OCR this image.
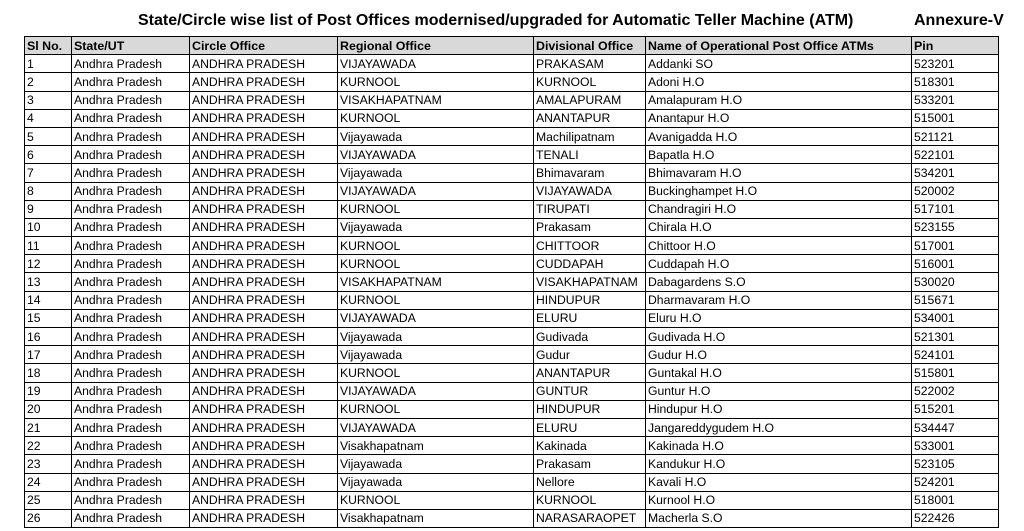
State/Circle wise list of Post Offices modernised/upgraded for Automatic Teller Machine (ATM)	Annexure-V
Sl No.	State/UT	Circle Office	Regional Office	Divisional Office	Name of Operational Post Office ATMs	Pin
1	Andhra Pradesh	ANDHRA PRADESH	VIJAYAWADA	PRAKASAM	Addanki SO	523201
2	Andhra Pradesh	ANDHRA PRADESH	KURNOOL	KURNOOL	Adoni H.O	518301
3	Andhra Pradesh	ANDHRA PRADESH	VISAKHAPATNAM	AMALAPURAM	Amalapuram H.O	533201
4	Andhra Pradesh	ANDHRA PRADESH	KURNOOL	ANANTAPUR	Anantapur H.O	515001
5	Andhra Pradesh	ANDHRA PRADESH	Vijayawada	Machilipatnam	Avanigadda H.O	521121
6	Andhra Pradesh	ANDHRA PRADESH	VIJAYAWADA	TENALI	Bapatla H.O	522101
7	Andhra Pradesh	ANDHRA PRADESH	Vijayawada	Bhimavaram	Bhimavaram H.O	534201
8	Andhra Pradesh	ANDHRA PRADESH	VIJAYAWADA	VIJAYAWADA	Buckinghampet H.O	520002
9	Andhra Pradesh	ANDHRA PRADESH	KURNOOL	TIRUPATI	Chandragiri H.O	517101
10	Andhra Pradesh	ANDHRA PRADESH	Vijayawada	Prakasam	Chirala H.O	523155
11	Andhra Pradesh	ANDHRA PRADESH	KURNOOL	CHITTOOR	Chittoor H.O	517001
12	Andhra Pradesh	ANDHRA PRADESH	KURNOOL	CUDDAPAH	Cuddapah H.O	516001
13	Andhra Pradesh	ANDHRA PRADESH	VISAKHAPATNAM	VISAKHAPATNAM	Dabagardens S.O	530020
14	Andhra Pradesh	ANDHRA PRADESH	KURNOOL	HINDUPUR	Dharmavaram H.O	515671
15	Andhra Pradesh	ANDHRA PRADESH	VIJAYAWADA	ELURU	Eluru H.O	534001
16	Andhra Pradesh	ANDHRA PRADESH	Vijayawada	Gudivada	Gudivada H.O	521301
17	Andhra Pradesh	ANDHRA PRADESH	Vijayawada	Gudur	Gudur H.O	524101
18	Andhra Pradesh	ANDHRA PRADESH	KURNOOL	ANANTAPUR	Guntakal H.O	515801
19	Andhra Pradesh	ANDHRA PRADESH	VIJAYAWADA	GUNTUR	Guntur H.O	522002
20	Andhra Pradesh	ANDHRA PRADESH	KURNOOL	HINDUPUR	Hindupur H.O	515201
21	Andhra Pradesh	ANDHRA PRADESH	VIJAYAWADA	ELURU	Jangareddygudem H.O	534447
22	Andhra Pradesh	ANDHRA PRADESH	Visakhapatnam	Kakinada	Kakinada H.O	533001
23	Andhra Pradesh	ANDHRA PRADESH	Vijayawada	Prakasam	Kandukur H.O	523105
24	Andhra Pradesh	ANDHRA PRADESH	Vijayawada	Nellore	Kavali H.O	524201
25	Andhra Pradesh	ANDHRA PRADESH	KURNOOL	KURNOOL	Kurnool H.O	518001
26	Andhra Pradesh	ANDHRA PRADESH	Visakhapatnam	NARASARAOPET	Macherla S.O	522426
